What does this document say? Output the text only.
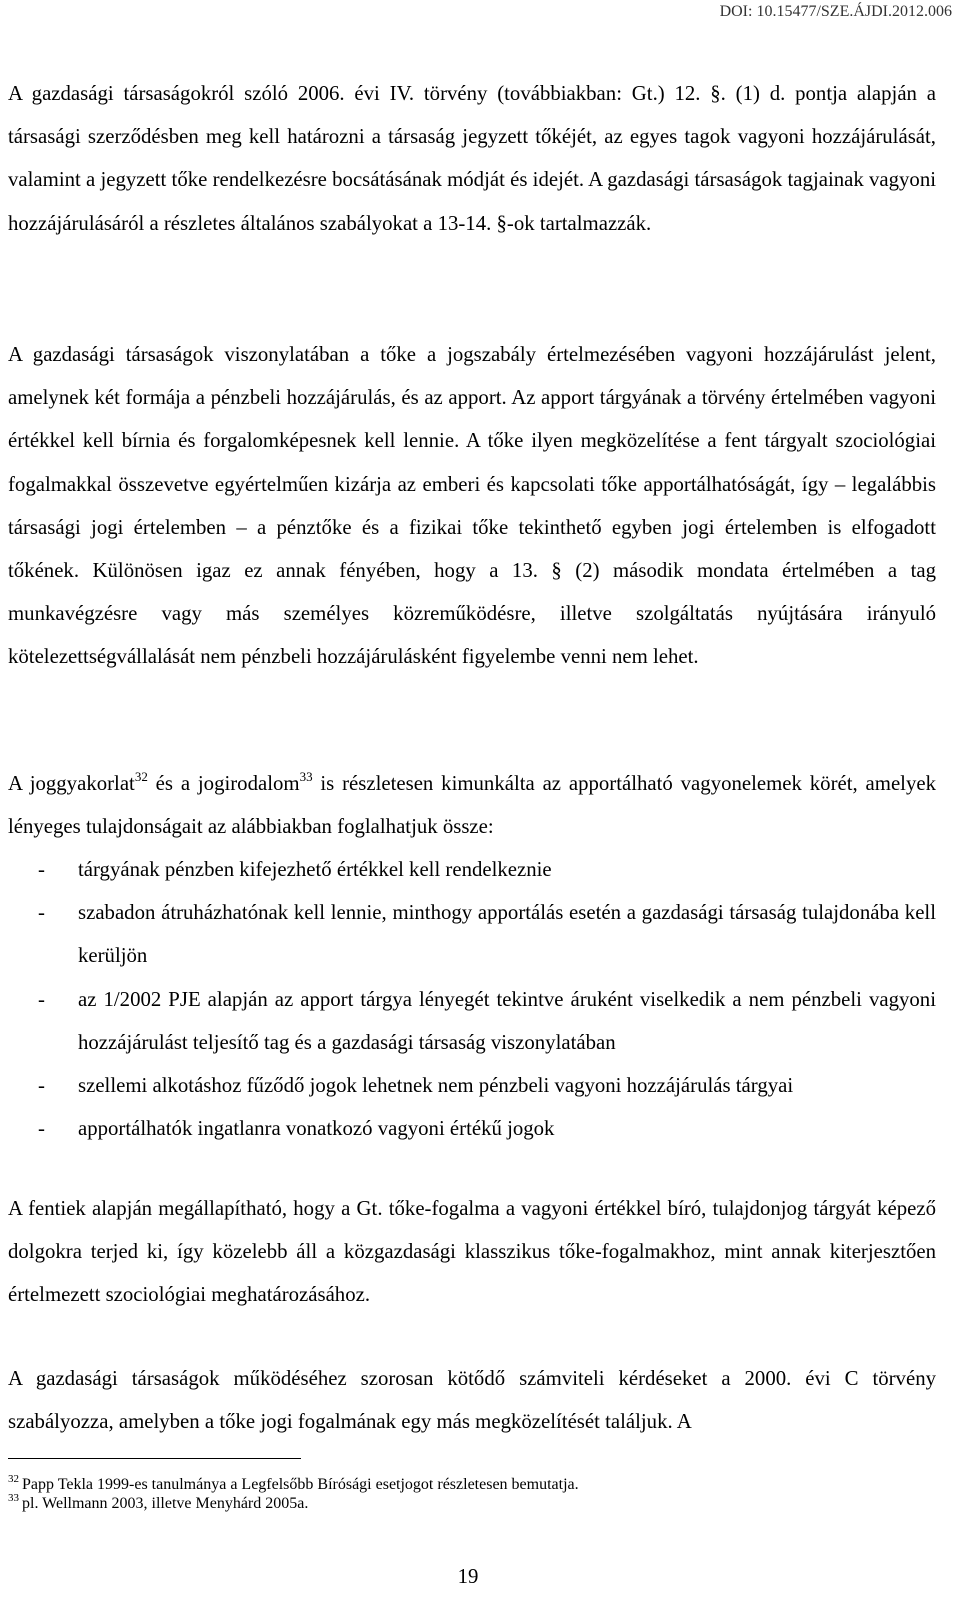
DOI: 10.15477/SZE.ÁJDI.2012.006

A gazdasági társaságokról szóló 2006. évi IV. törvény (továbbiakban: Gt.) 12. §. (1) d. pontja alapján a társasági szerződésben meg kell határozni a társaság jegyzett tőkéjét, az egyes tagok vagyoni hozzájárulását, valamint a jegyzett tőke rendelkezésre bocsátásának módját és idejét. A gazdasági társaságok tagjainak vagyoni hozzájárulásáról a részletes általános szabályokat a 13-14. §-ok tartalmazzák.

A gazdasági társaságok viszonylatában a tőke a jogszabály értelmezésében vagyoni hozzájárulást jelent, amelynek két formája a pénzbeli hozzájárulás, és az apport. Az apport tárgyának a törvény értelmében vagyoni értékkel kell bírnia és forgalomképesnek kell lennie. A tőke ilyen megközelítése a fent tárgyalt szociológiai fogalmakkal összevetve egyértelműen kizárja az emberi és kapcsolati tőke apportálhatóságát, így – legalábbis társasági jogi értelemben – a pénztőke és a fizikai tőke tekinthető egyben jogi értelemben is elfogadott tőkének. Különösen igaz ez annak fényében, hogy a 13. § (2) második mondata értelmében a tag munkavégzésre vagy más személyes közreműködésre, illetve szolgáltatás nyújtására irányuló kötelezettségvállalását nem pénzbeli hozzájárulásként figyelembe venni nem lehet.

A joggyakorlat$^{32}$ és a jogirodalom$^{33}$ is részletesen kimunkálta az apportálható vagyonelemek körét, amelyek lényeges tulajdonságait az alábbiakban foglalhatjuk össze:

- tárgyának pénzben kifejezhető értékkel kell rendelkeznie
- szabadon átruházhatónak kell lennie, minthogy apportálás esetén a gazdasági társaság tulajdonába kell kerüljön
- az 1/2002 PJE alapján az apport tárgya lényegét tekintve áruként viselkedik a nem pénzbeli vagyoni hozzájárulást teljesítő tag és a gazdasági társaság viszonylatában
- szellemi alkotáshoz fűződő jogok lehetnek nem pénzbeli vagyoni hozzájárulás tárgyai
- apportálhatók ingatlanra vonatkozó vagyoni értékű jogok

A fentiek alapján megállapítható, hogy a Gt. tőke-fogalma a vagyoni értékkel bíró, tulajdonjog tárgyát képező dolgokra terjed ki, így közelebb áll a közgazdasági klasszikus tőke-fogalmakhoz, mint annak kiterjesztően értelmezett szociológiai meghatározásához.

A gazdasági társaságok működéséhez szorosan kötődő számviteli kérdéseket a 2000. évi C törvény szabályozza, amelyben a tőke jogi fogalmának egy más megközelítését találjuk. A

$^{32}$ Papp Tekla 1999-es tanulmánya a Legfelsőbb Bírósági esetjogot részletesen bemutatja.
$^{33}$ pl. Wellmann 2003, illetve Menyhárd 2005a.
19
